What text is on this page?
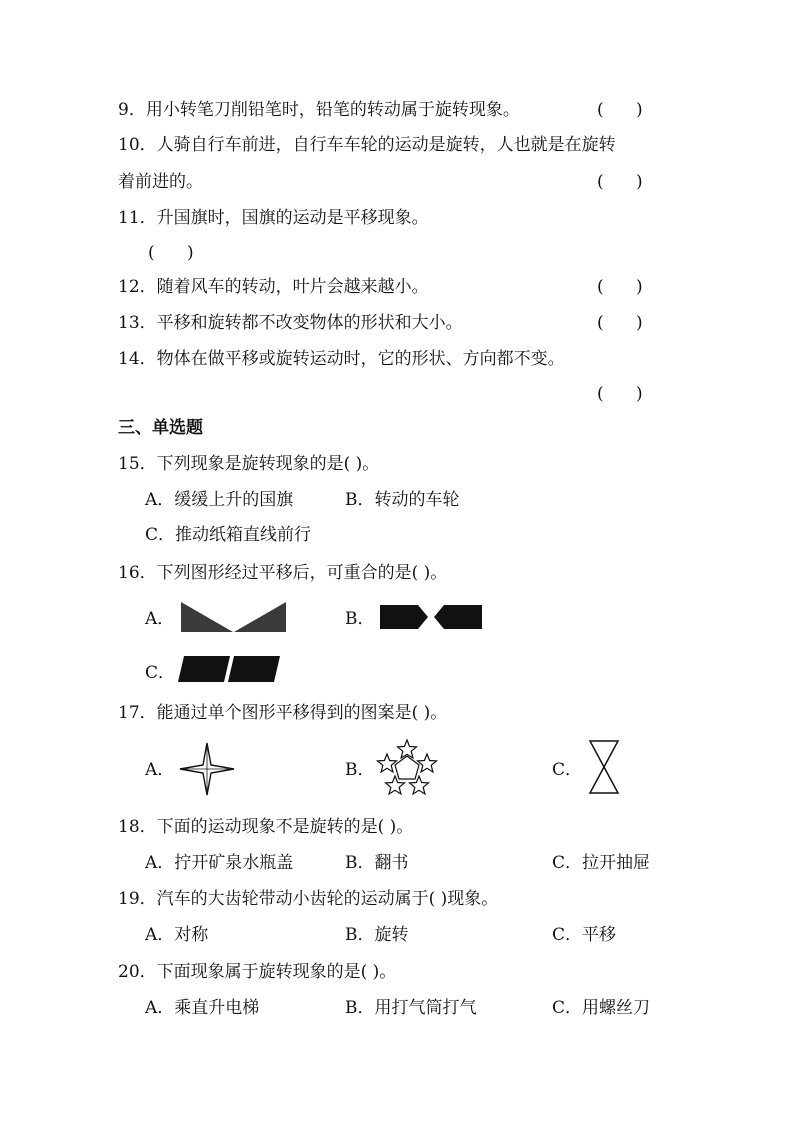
9．用小转笔刀削铅笔时，铅笔的转动属于旋转现象。	(      )
10．人骑自行车前进，自行车车轮的运动是旋转，人也就是在旋转
着前进的。	(      )
11．升国旗时，国旗的运动是平移现象。
(      )
12．随着风车的转动，叶片会越来越小。	(      )
13．平移和旋转都不改变物体的形状和大小。	(      )
14．物体在做平移或旋转运动时，它的形状、方向都不变。
(      )
三、单选题
15．下列现象是旋转现象的是( )。
A．缓缓上升的国旗	B．转动的车轮
C．推动纸箱直线前行
16．下列图形经过平移后，可重合的是( )。
A．	B．
C．
17．能通过单个图形平移得到的图案是( )。
A．	B．	C．
18．下面的运动现象不是旋转的是( )。
A．拧开矿泉水瓶盖	B．翻书	C．拉开抽屉
19．汽车的大齿轮带动小齿轮的运动属于( )现象。
A．对称	B．旋转	C．平移
20．下面现象属于旋转现象的是( )。
A．乘直升电梯	B．用打气筒打气	C．用螺丝刀
